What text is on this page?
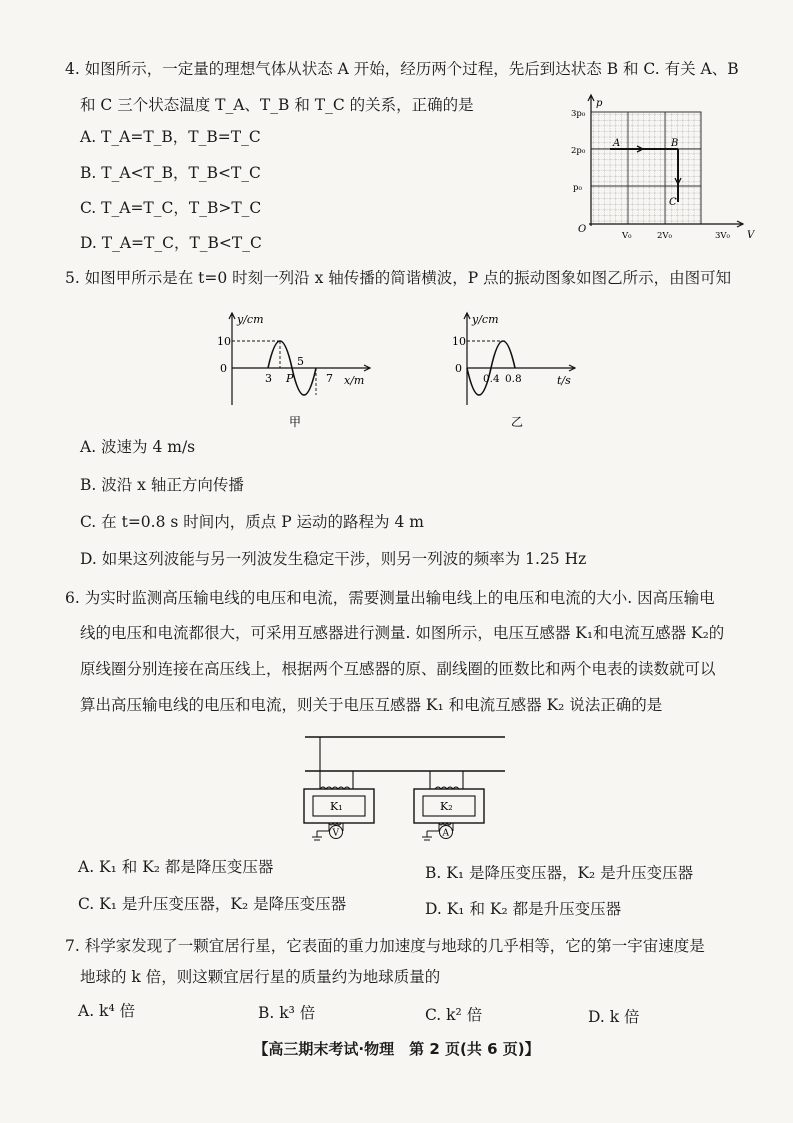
4. 如图所示，一定量的理想气体从状态 A 开始，经历两个过程，先后到达状态 B 和 C. 有关 A、B
和 C 三个状态温度 T_A、T_B 和 T_C 的关系，正确的是
A. T_A=T_B，T_B=T_C
B. T_A<T_B，T_B<T_C
C. T_A=T_C，T_B>T_C
D. T_A=T_C，T_B<T_C
p
3p₀
2p₀
p₀
O
V₀	2V₀	3V₀ V
A	B
C
5. 如图甲所示是在 t=0 时刻一列沿 x 轴传播的简谐横波，P 点的振动图象如图乙所示，由图可知
y/cm
10
0
3 P
5
7 x/m
甲
y/cm
10
0
0.4 0.8	t/s
乙
A. 波速为 4 m/s
B. 波沿 x 轴正方向传播
C. 在 t=0.8 s 时间内，质点 P 运动的路程为 4 m
D. 如果这列波能与另一列波发生稳定干涉，则另一列波的频率为 1.25 Hz
6. 为实时监测高压输电线的电压和电流，需要测量出输电线上的电压和电流的大小. 因高压输电
线的电压和电流都很大，可采用互感器进行测量. 如图所示，电压互感器 K₁和电流互感器 K₂的
原线圈分别连接在高压线上，根据两个互感器的原、副线圈的匝数比和两个电表的读数就可以
算出高压输电线的电压和电流，则关于电压互感器 K₁ 和电流互感器 K₂ 说法正确的是
K₁
V
K₂
A
A. K₁ 和 K₂ 都是降压变压器	B. K₁ 是降压变压器，K₂ 是升压变压器
C. K₁ 是升压变压器，K₂ 是降压变压器	D. K₁ 和 K₂ 都是升压变压器
7. 科学家发现了一颗宜居行星，它表面的重力加速度与地球的几乎相等，它的第一宇宙速度是
地球的 k 倍，则这颗宜居行星的质量约为地球质量的
A. k⁴ 倍	B. k³ 倍	C. k² 倍	D. k 倍
【高三期末考试·物理　第 2 页(共 6 页)】
